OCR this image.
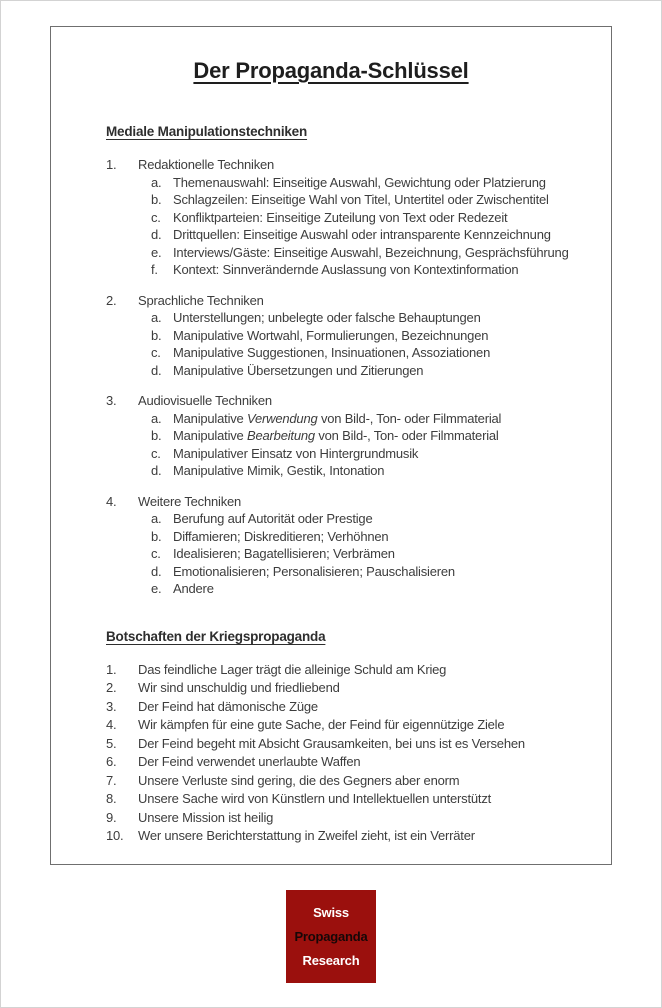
Der Propaganda-Schlüssel
Mediale Manipulationstechniken
1.	Redaktionelle Techniken
a. Themenauswahl: Einseitige Auswahl, Gewichtung oder Platzierung
b. Schlagzeilen: Einseitige Wahl von Titel, Untertitel oder Zwischentitel
c. Konfliktparteien: Einseitige Zuteilung von Text oder Redezeit
d. Drittquellen: Einseitige Auswahl oder intransparente Kennzeichnung
e. Interviews/Gäste: Einseitige Auswahl, Bezeichnung, Gesprächsführung
f.	Kontext: Sinnverändernde Auslassung von Kontextinformation
2.	Sprachliche Techniken
a. Unterstellungen; unbelegte oder falsche Behauptungen
b. Manipulative Wortwahl, Formulierungen, Bezeichnungen
c. Manipulative Suggestionen, Insinuationen, Assoziationen
d. Manipulative Übersetzungen und Zitierungen
3.	Audiovisuelle Techniken
a. Manipulative Verwendung von Bild-, Ton- oder Filmmaterial
b. Manipulative Bearbeitung von Bild-, Ton- oder Filmmaterial
c. Manipulativer Einsatz von Hintergrundmusik
d. Manipulative Mimik, Gestik, Intonation
4.	Weitere Techniken
a. Berufung auf Autorität oder Prestige
b. Diffamieren; Diskreditieren; Verhöhnen
c. Idealisieren; Bagatellisieren; Verbrämen
d. Emotionalisieren; Personalisieren; Pauschalisieren
e. Andere
Botschaften der Kriegspropaganda
1.	Das feindliche Lager trägt die alleinige Schuld am Krieg
2.	Wir sind unschuldig und friedliebend
3.	Der Feind hat dämonische Züge
4.	Wir kämpfen für eine gute Sache, der Feind für eigennützige Ziele
5.	Der Feind begeht mit Absicht Grausamkeiten, bei uns ist es Versehen
6.	Der Feind verwendet unerlaubte Waffen
7.	Unsere Verluste sind gering, die des Gegners aber enorm
8.	Unsere Sache wird von Künstlern und Intellektuellen unterstützt
9.	Unsere Mission ist heilig
10.	Wer unsere Berichterstattung in Zweifel zieht, ist ein Verräter
Swiss
Propaganda
Research
